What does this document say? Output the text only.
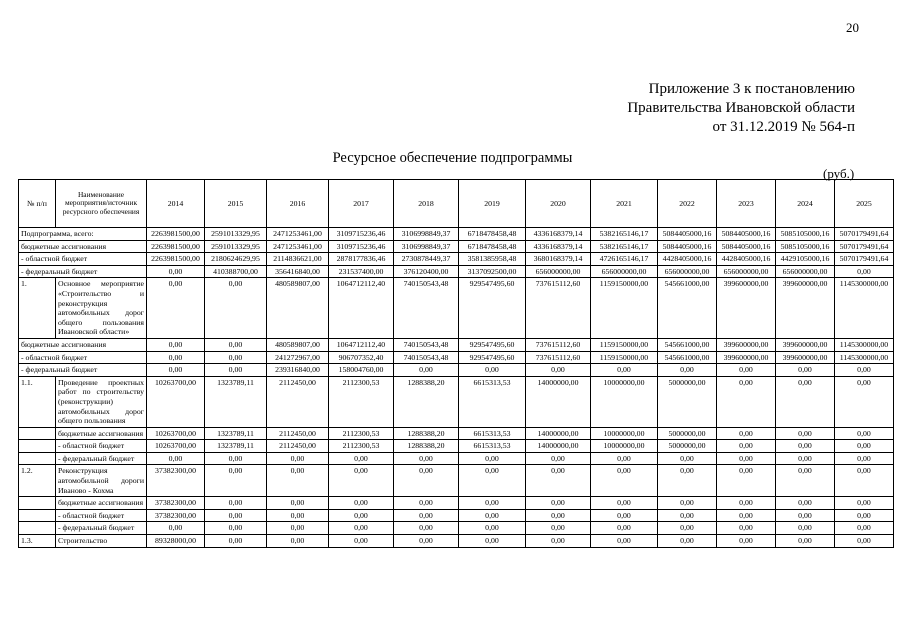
20
Приложение 3 к постановлению
Правительства Ивановской области
от 31.12.2019 № 564-п
Ресурсное обеспечение подпрограммы
(руб.)
№ п/п	Наименование мероприятия/источник ресурсного обеспечения	2014	2015	2016	2017	2018	2019	2020	2021	2022	2023	2024	2025
Подпрограмма, всего:		2263981500,00	2591013329,95	2471253461,00	3109715236,46	3106998849,37	6718478458,48	4336168379,14	5382165146,17	5084405000,16	5084405000,16	5085105000,16	5070179491,64
бюджетные ассигнования		2263981500,00	2591013329,95	2471253461,00	3109715236,46	3106998849,37	6718478458,48	4336168379,14	5382165146,17	5084405000,16	5084405000,16	5085105000,16	5070179491,64
- областной бюджет		2263981500,00	2180624629,95	2114836621,00	2878177836,46	2730878449,37	3581385958,48	3680168379,14	4726165146,17	4428405000,16	4428405000,16	4429105000,16	5070179491,64
- федеральный бюджет		0,00	410388700,00	356416840,00	231537400,00	376120400,00	3137092500,00	656000000,00	656000000,00	656000000,00	656000000,00	656000000,00	0,00
1.	Основное мероприятие «Строительство и реконструкция автомобильных дорог общего пользования Ивановской области»	0,00	0,00	480589807,00	1064712112,40	740150543,48	929547495,60	737615112,60	1159150000,00	545661000,00	399600000,00	399600000,00	1145300000,00
бюджетные ассигнования		0,00	0,00	480589807,00	1064712112,40	740150543,48	929547495,60	737615112,60	1159150000,00	545661000,00	399600000,00	399600000,00	1145300000,00
- областной бюджет		0,00	0,00	241272967,00	906707352,40	740150543,48	929547495,60	737615112,60	1159150000,00	545661000,00	399600000,00	399600000,00	1145300000,00
- федеральный бюджет		0,00	0,00	239316840,00	158004760,00	0,00	0,00	0,00	0,00	0,00	0,00	0,00	0,00
1.1.	Проведение проектных работ по строительству (реконструкции) автомобильных дорог общего пользования	10263700,00	1323789,11	2112450,00	2112300,53	1288388,20	6615313,53	14000000,00	10000000,00	5000000,00	0,00	0,00	0,00
	бюджетные ассигнования	10263700,00	1323789,11	2112450,00	2112300,53	1288388,20	6615313,53	14000000,00	10000000,00	5000000,00	0,00	0,00	0,00
	- областной бюджет	10263700,00	1323789,11	2112450,00	2112300,53	1288388,20	6615313,53	14000000,00	10000000,00	5000000,00	0,00	0,00	0,00
	- федеральный бюджет	0,00	0,00	0,00	0,00	0,00	0,00	0,00	0,00	0,00	0,00	0,00	0,00
1.2.	Реконструкция автомобильной дороги Иваново - Кохма	37382300,00	0,00	0,00	0,00	0,00	0,00	0,00	0,00	0,00	0,00	0,00	0,00
	бюджетные ассигнования	37382300,00	0,00	0,00	0,00	0,00	0,00	0,00	0,00	0,00	0,00	0,00	0,00
	- областной бюджет	37382300,00	0,00	0,00	0,00	0,00	0,00	0,00	0,00	0,00	0,00	0,00	0,00
	- федеральный бюджет	0,00	0,00	0,00	0,00	0,00	0,00	0,00	0,00	0,00	0,00	0,00	0,00
1.3.	Строительство	89328000,00	0,00	0,00	0,00	0,00	0,00	0,00	0,00	0,00	0,00	0,00	0,00
